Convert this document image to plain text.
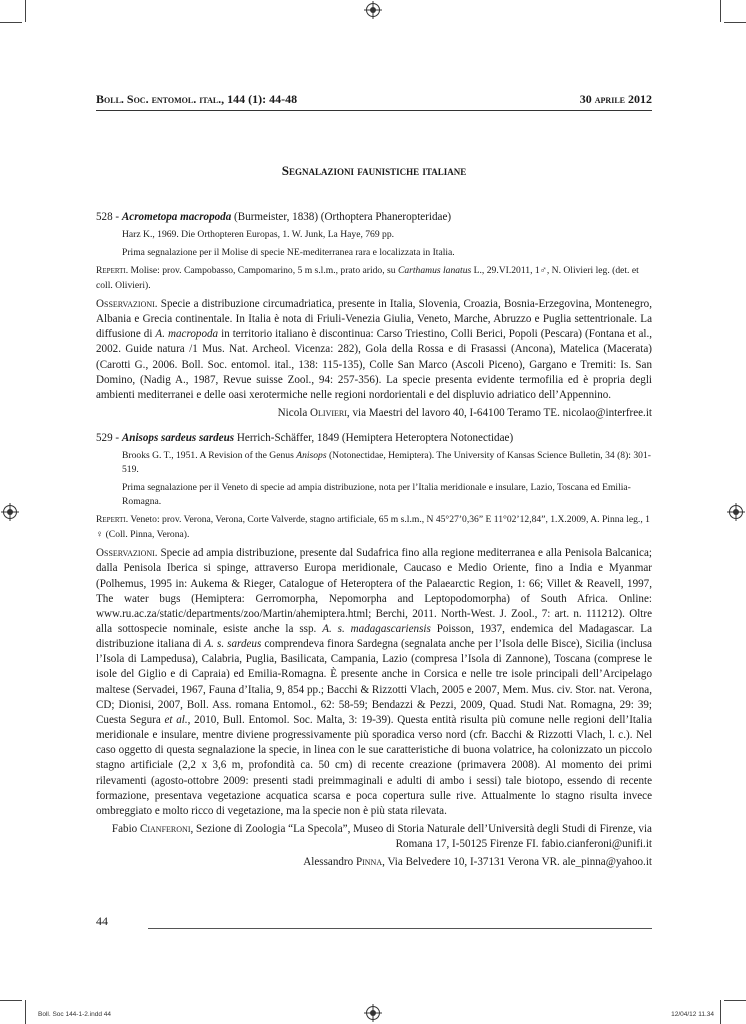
Boll. Soc. entomol. ital., 144 (1): 44-48	30 aprile 2012
Segnalazioni faunistiche italiane
528 - Acrometopa macropoda (Burmeister, 1838) (Orthoptera Phaneropteridae)
Harz K., 1969. Die Orthopteren Europas, 1. W. Junk, La Haye, 769 pp.
Prima segnalazione per il Molise di specie NE-mediterranea rara e localizzata in Italia.
Reperti. Molise: prov. Campobasso, Campomarino, 5 m s.l.m., prato arido, su Carthamus lanatus L., 29.VI.2011, 1♂, N. Olivieri leg. (det. et coll. Olivieri).
Osservazioni. Specie a distribuzione circumadriatica, presente in Italia, Slovenia, Croazia, Bosnia-Erzegovina, Montenegro, Albania e Grecia continentale. In Italia è nota di Friuli-Venezia Giulia, Veneto, Marche, Abruzzo e Puglia settentrionale. La diffusione di A. macropoda in territorio italiano è discontinua: Carso Triestino, Colli Berici, Popoli (Pescara) (Fontana et al., 2002. Guide natura /1 Mus. Nat. Archeol. Vicenza: 282), Gola della Rossa e di Frasassi (Ancona), Matelica (Macerata) (Carotti G., 2006. Boll. Soc. entomol. ital., 138: 115-135), Colle San Marco (Ascoli Piceno), Gargano e Tremiti: Is. San Domino, (Nadig A., 1987, Revue suisse Zool., 94: 257-356). La specie presenta evidente termofilia ed è propria degli ambienti mediterranei e delle oasi xerotermiche nelle regioni nordorientali e del displuvio adriatico dell’Appennino.
Nicola Olivieri, via Maestri del lavoro 40, I-64100 Teramo TE. nicolao@interfree.it
529 - Anisops sardeus sardeus Herrich-Schäffer, 1849 (Hemiptera Heteroptera Notonectidae)
Brooks G. T., 1951. A Revision of the Genus Anisops (Notonectidae, Hemiptera). The University of Kansas Science Bulletin, 34 (8): 301-519.
Prima segnalazione per il Veneto di specie ad ampia distribuzione, nota per l’Italia meridionale e insulare, Lazio, Toscana ed Emilia-Romagna.
Reperti. Veneto: prov. Verona, Verona, Corte Valverde, stagno artificiale, 65 m s.l.m., N 45°27’0,36” E 11°02’12,84”, 1.X.2009, A. Pinna leg., 1 ♀ (Coll. Pinna, Verona).
Osservazioni. Specie ad ampia distribuzione, presente dal Sudafrica fino alla regione mediterranea e alla Penisola Balcanica; dalla Penisola Iberica si spinge, attraverso Europa meridionale, Caucaso e Medio Oriente, fino a India e Myanmar (Polhemus, 1995 in: Aukema & Rieger, Catalogue of Heteroptera of the Palaearctic Region, 1: 66; Villet & Reavell, 1997, The water bugs (Hemiptera: Gerromorpha, Nepomorpha and Leptopodomorpha) of South Africa. Online: www.ru.ac.za/static/departments/zoo/Martin/ahemiptera.html; Berchi, 2011. North-West. J. Zool., 7: art. n. 111212). Oltre alla sottospecie nominale, esiste anche la ssp. A. s. madagascariensis Poisson, 1937, endemica del Madagascar. La distribuzione italiana di A. s. sardeus comprendeva finora Sardegna (segnalata anche per l’Isola delle Bisce), Sicilia (inclusa l’Isola di Lampedusa), Calabria, Puglia, Basilicata, Campania, Lazio (compresa l’Isola di Zannone), Toscana (comprese le isole del Giglio e di Capraia) ed Emilia-Romagna. È presente anche in Corsica e nelle tre isole principali dell’Arcipelago maltese (Servadei, 1967, Fauna d’Italia, 9, 854 pp.; Bacchi & Rizzotti Vlach, 2005 e 2007, Mem. Mus. civ. Stor. nat. Verona, CD; Dionisi, 2007, Boll. Ass. romana Entomol., 62: 58-59; Bendazzi & Pezzi, 2009, Quad. Studi Nat. Romagna, 29: 39; Cuesta Segura et al., 2010, Bull. Entomol. Soc. Malta, 3: 19-39). Questa entità risulta più comune nelle regioni dell’Italia meridionale e insulare, mentre diviene progressivamente più sporadica verso nord (cfr. Bacchi & Rizzotti Vlach, l. c.). Nel caso oggetto di questa segnalazione la specie, in linea con le sue caratteristiche di buona volatrice, ha colonizzato un piccolo stagno artificiale (2,2 x 3,6 m, profondità ca. 50 cm) di recente creazione (primavera 2008). Al momento dei primi rilevamenti (agosto-ottobre 2009: presenti stadi preimmaginali e adulti di ambo i sessi) tale biotopo, essendo di recente formazione, presentava vegetazione acquatica scarsa e poca copertura sulle rive. Attualmente lo stagno risulta invece ombreggiato e molto ricco di vegetazione, ma la specie non è più stata rilevata.
Fabio Cianferoni, Sezione di Zoologia “La Specola”, Museo di Storia Naturale dell’Università degli Studi di Firenze, via Romana 17, I-50125 Firenze FI. fabio.cianferoni@unifi.it
Alessandro Pinna, Via Belvedere 10, I-37131 Verona VR. ale_pinna@yahoo.it
44
Boll. Soc 144-1-2.indd 44	12/04/12 11.34
